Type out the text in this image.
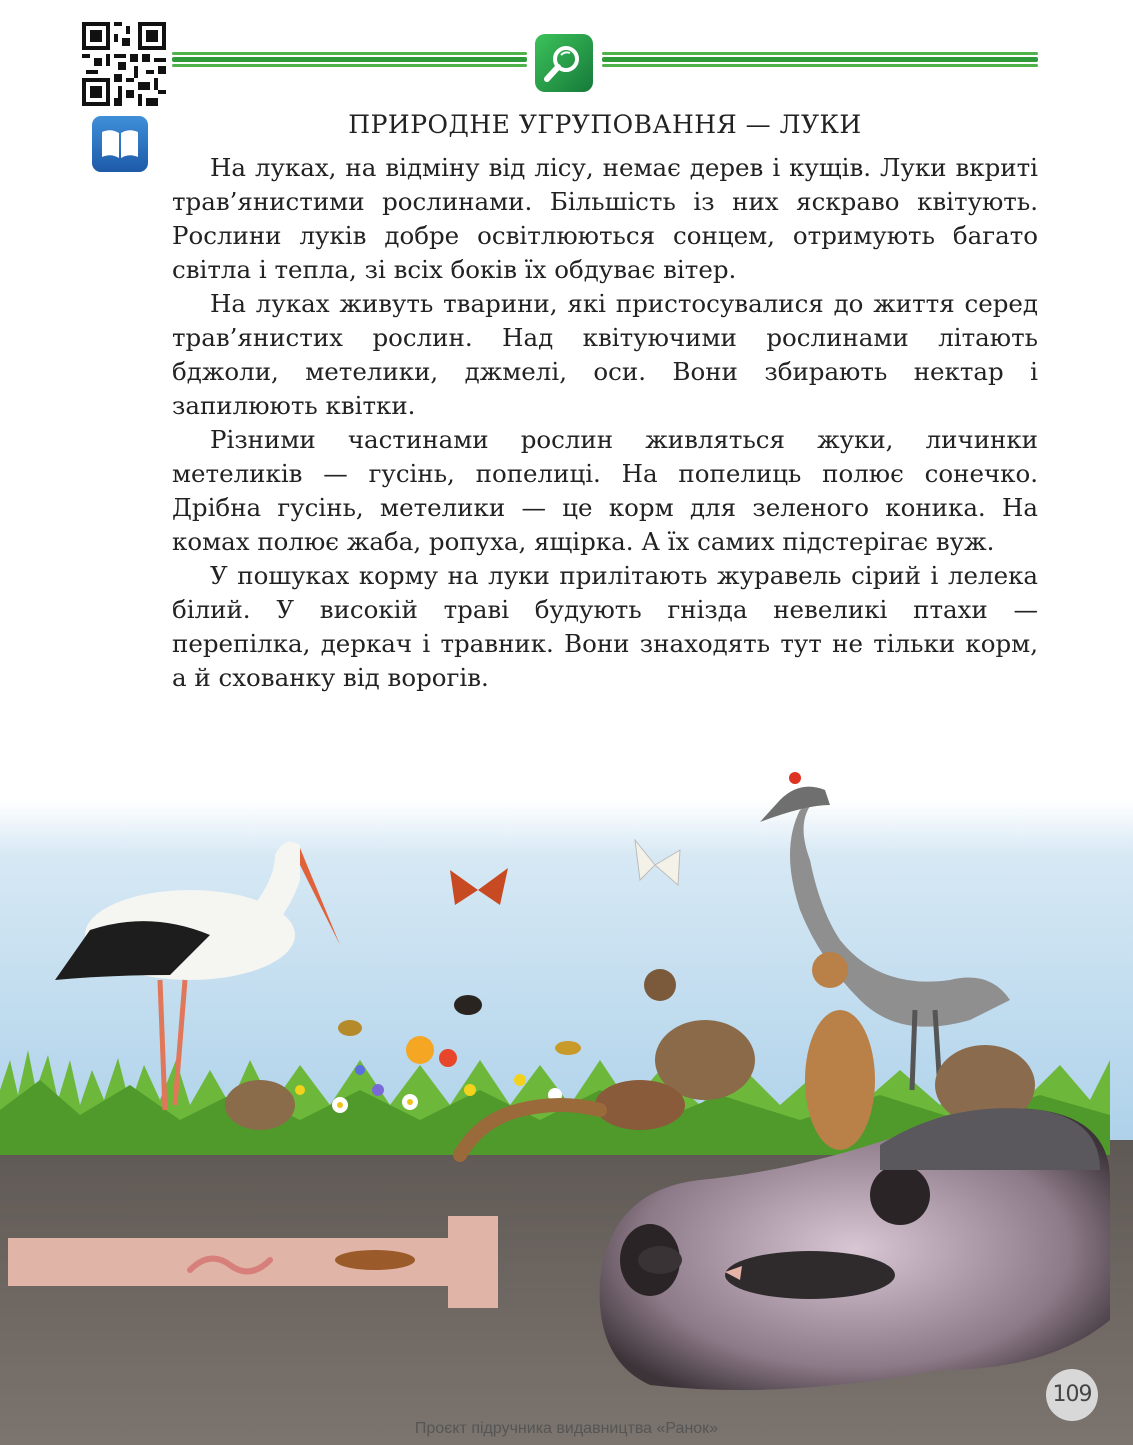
ПРИРОДНЕ УГРУПОВАННЯ — ЛУКИ

На луках, на відміну від лісу, немає дерев і кущів. Луки вкриті трав’янистими рослинами. Більшість із них яскраво квітують. Рослини луків добре освітлюються сонцем, отримують багато світла і тепла, зі всіх боків їх обдуває вітер.

На луках живуть тварини, які пристосувалися до життя серед трав’янистих рослин. Над квітуючими рослинами літають бджоли, метелики, джмелі, оси. Вони збирають нектар і запилюють квітки.

Різними частинами рослин живляться жуки, личинки метеликів — гусінь, попелиці. На попелиць полює сонечко. Дрібна гусінь, метелики — це корм для зеленого коника. На комах полює жаба, ропуха, ящірка. А їх самих підстерігає вуж.

У пошуках корму на луки прилітають журавель сірий і лелека білий. У високій траві будують гнізда невеликі птахи — перепілка, деркач і травник. Вони знаходять тут не тільки корм, а й схованку від ворогів.

109
Проєкт підручника видавництва «Ранок»
